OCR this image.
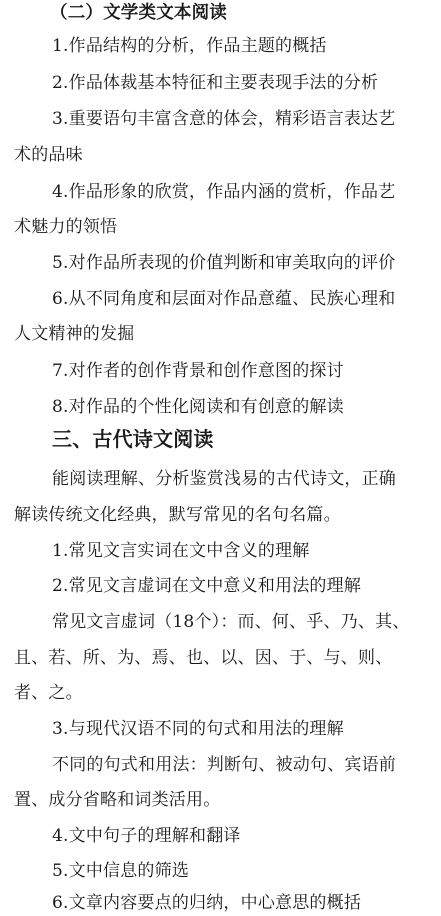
（二）文学类文本阅读
1.作品结构的分析，作品主题的概括
2.作品体裁基本特征和主要表现手法的分析
3.重要语句丰富含意的体会，精彩语言表达艺
术的品味
4.作品形象的欣赏，作品内涵的赏析，作品艺
术魅力的领悟
5.对作品所表现的价值判断和审美取向的评价
6.从不同角度和层面对作品意蕴、民族心理和
人文精神的发掘
7.对作者的创作背景和创作意图的探讨
8.对作品的个性化阅读和有创意的解读
三、古代诗文阅读
能阅读理解、分析鉴赏浅易的古代诗文，正确
解读传统文化经典，默写常见的名句名篇。
1.常见文言实词在文中含义的理解
2.常见文言虚词在文中意义和用法的理解
常见文言虚词（18个）：而、何、乎、乃、其、
且、若、所、为、焉、也、以、因、于、与、则、
者、之。
3.与现代汉语不同的句式和用法的理解
不同的句式和用法：判断句、被动句、宾语前
置、成分省略和词类活用。
4.文中句子的理解和翻译
5.文中信息的筛选
6.文章内容要点的归纳，中心意思的概括
